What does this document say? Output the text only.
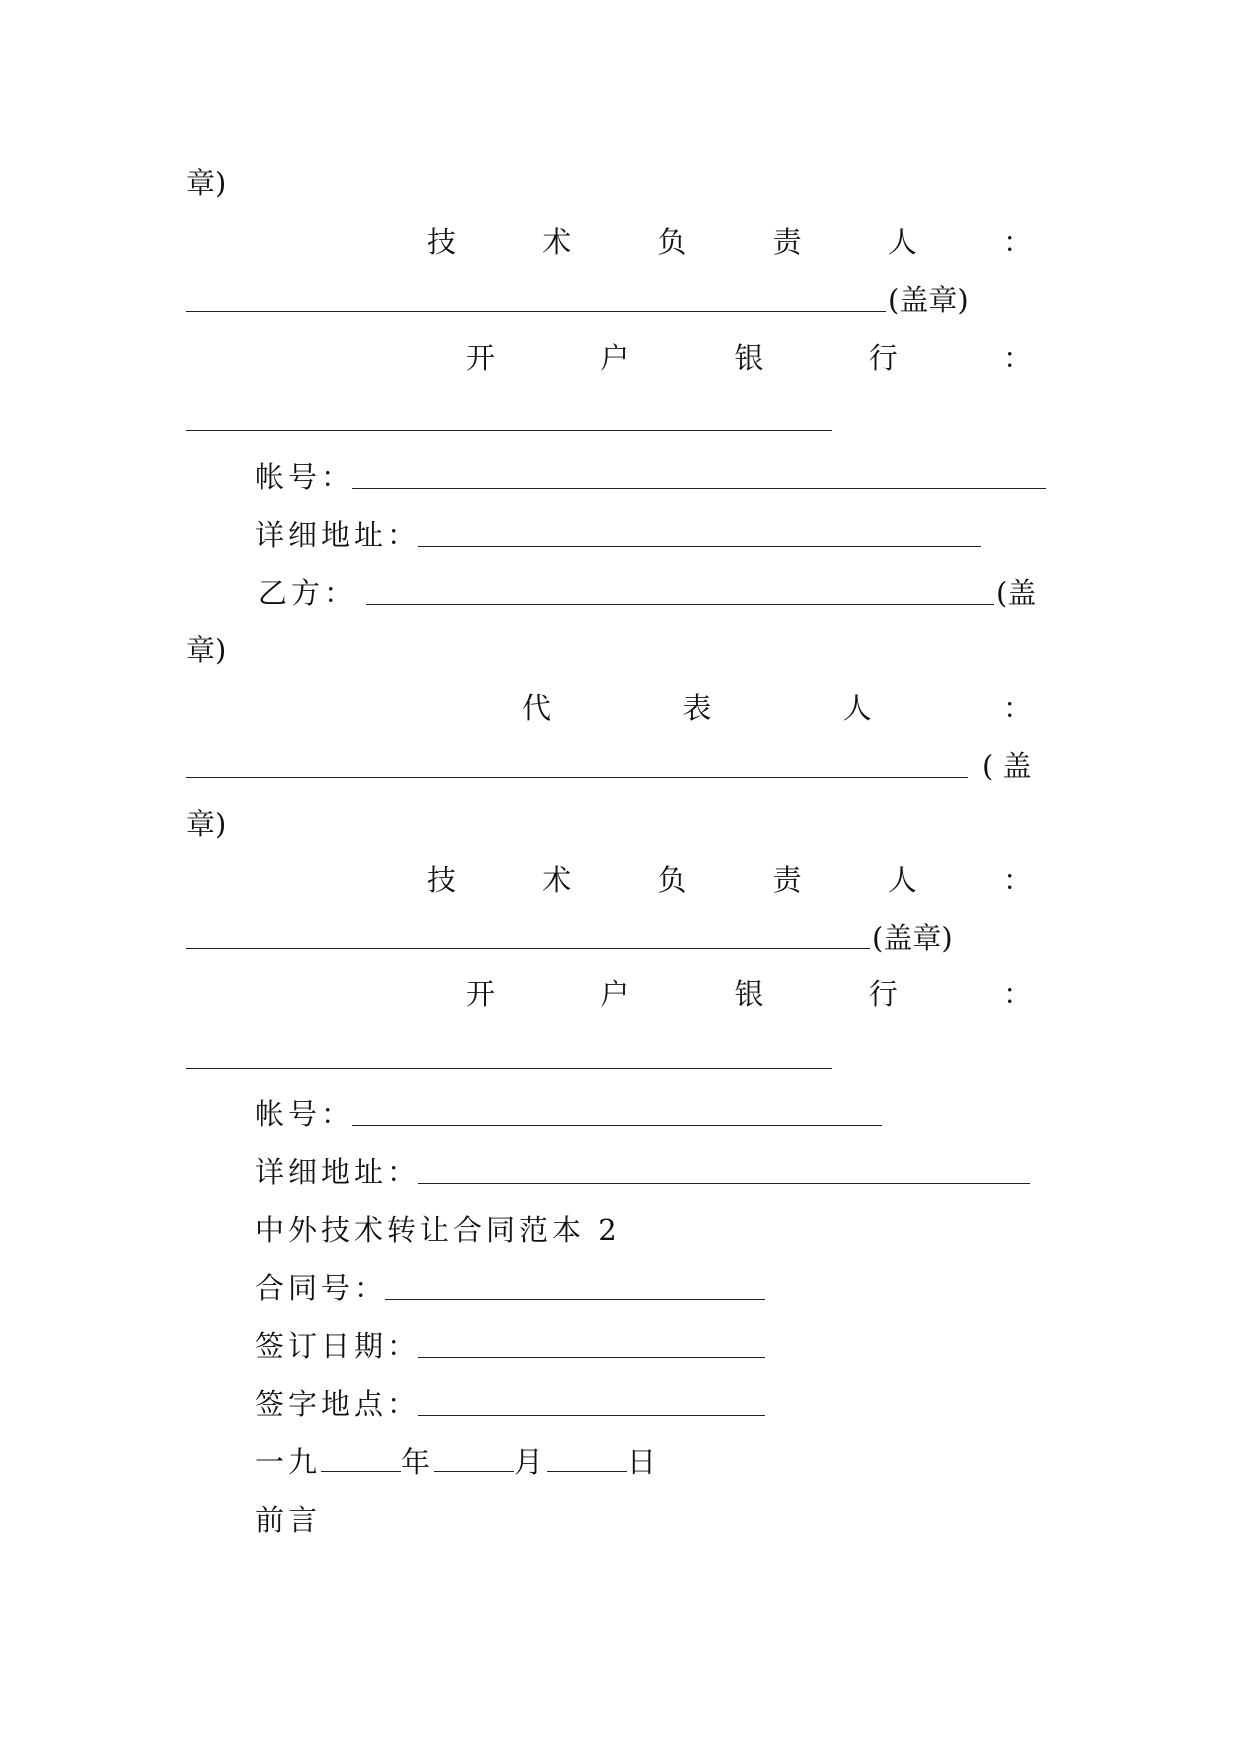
章)
技	术	负	责	人	：
(盖章)
开	户	银	行	：
帐号：
详细地址：
乙方：	(盖
章)
代	表	人	：
( 盖
章)
技	术	负	责	人	：
(盖章)
开	户	银	行	：
帐号：
详细地址：
中外技术转让合同范本 2
合同号：
签订日期：
签字地点：
一九	年	月	日
前言
